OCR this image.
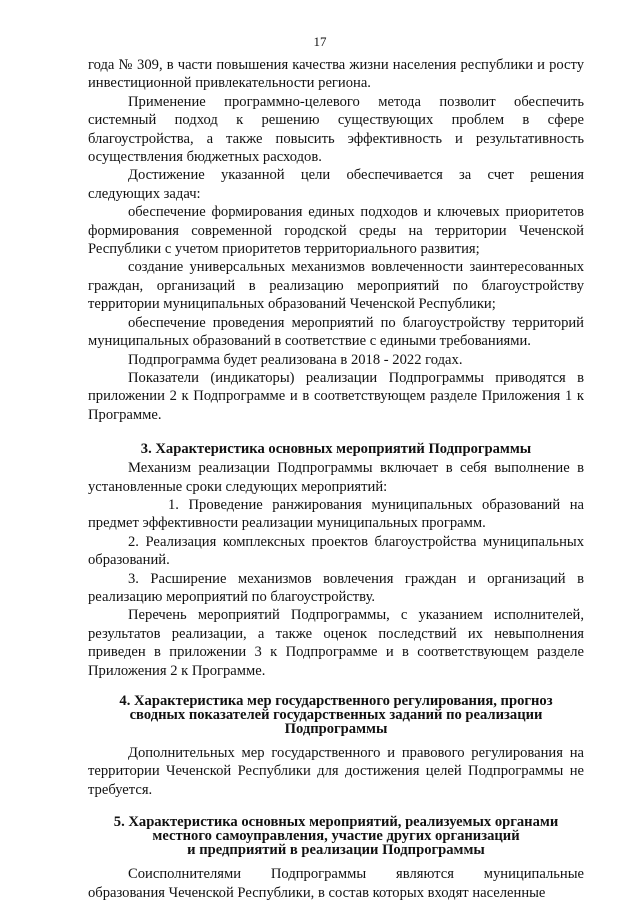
17

года № 309, в части повышения качества жизни населения республики и росту инвестиционной привлекательности региона.

Применение программно-целевого метода позволит обеспечить системный подход к решению существующих проблем в сфере благоустройства, а также повысить эффективность и результативность осуществления бюджетных расходов.

Достижение указанной цели обеспечивается за счет решения следующих задач:

обеспечение формирования единых подходов и ключевых приоритетов формирования современной городской среды на территории Чеченской Республики с учетом приоритетов территориального развития;

создание универсальных механизмов вовлеченности заинтересованных граждан, организаций в реализацию мероприятий по благоустройству территории муниципальных образований Чеченской Республики;

обеспечение проведения мероприятий по благоустройству территорий муниципальных образований в соответствие с едиными требованиями.

Подпрограмма будет реализована в 2018 - 2022 годах.

Показатели (индикаторы) реализации Подпрограммы приводятся в приложении 2 к Подпрограмме и в соответствующем разделе Приложения 1 к Программе.

3. Характеристика основных мероприятий Подпрограммы

Механизм реализации Подпрограммы включает в себя выполнение в установленные сроки следующих мероприятий:

1. Проведение ранжирования муниципальных образований на предмет эффективности реализации муниципальных программ.

2. Реализация комплексных проектов благоустройства муниципальных образований.

3. Расширение механизмов вовлечения граждан и организаций в реализацию мероприятий по благоустройству.

Перечень мероприятий Подпрограммы, с указанием исполнителей, результатов реализации, а также оценок последствий их невыполнения приведен в приложении 3 к Подпрограмме и в соответствующем разделе Приложения 2 к Программе.

4. Характеристика мер государственного регулирования, прогноз

сводных показателей государственных заданий по реализации

Подпрограммы

Дополнительных мер государственного и правового регулирования на территории Чеченской Республики для достижения целей Подпрограммы не требуется.

5. Характеристика основных мероприятий, реализуемых органами

местного самоуправления, участие других организаций

и предприятий в реализации Подпрограммы

Соисполнителями Подпрограммы являются муниципальные образования Чеченской Республики, в состав которых входят населенные
